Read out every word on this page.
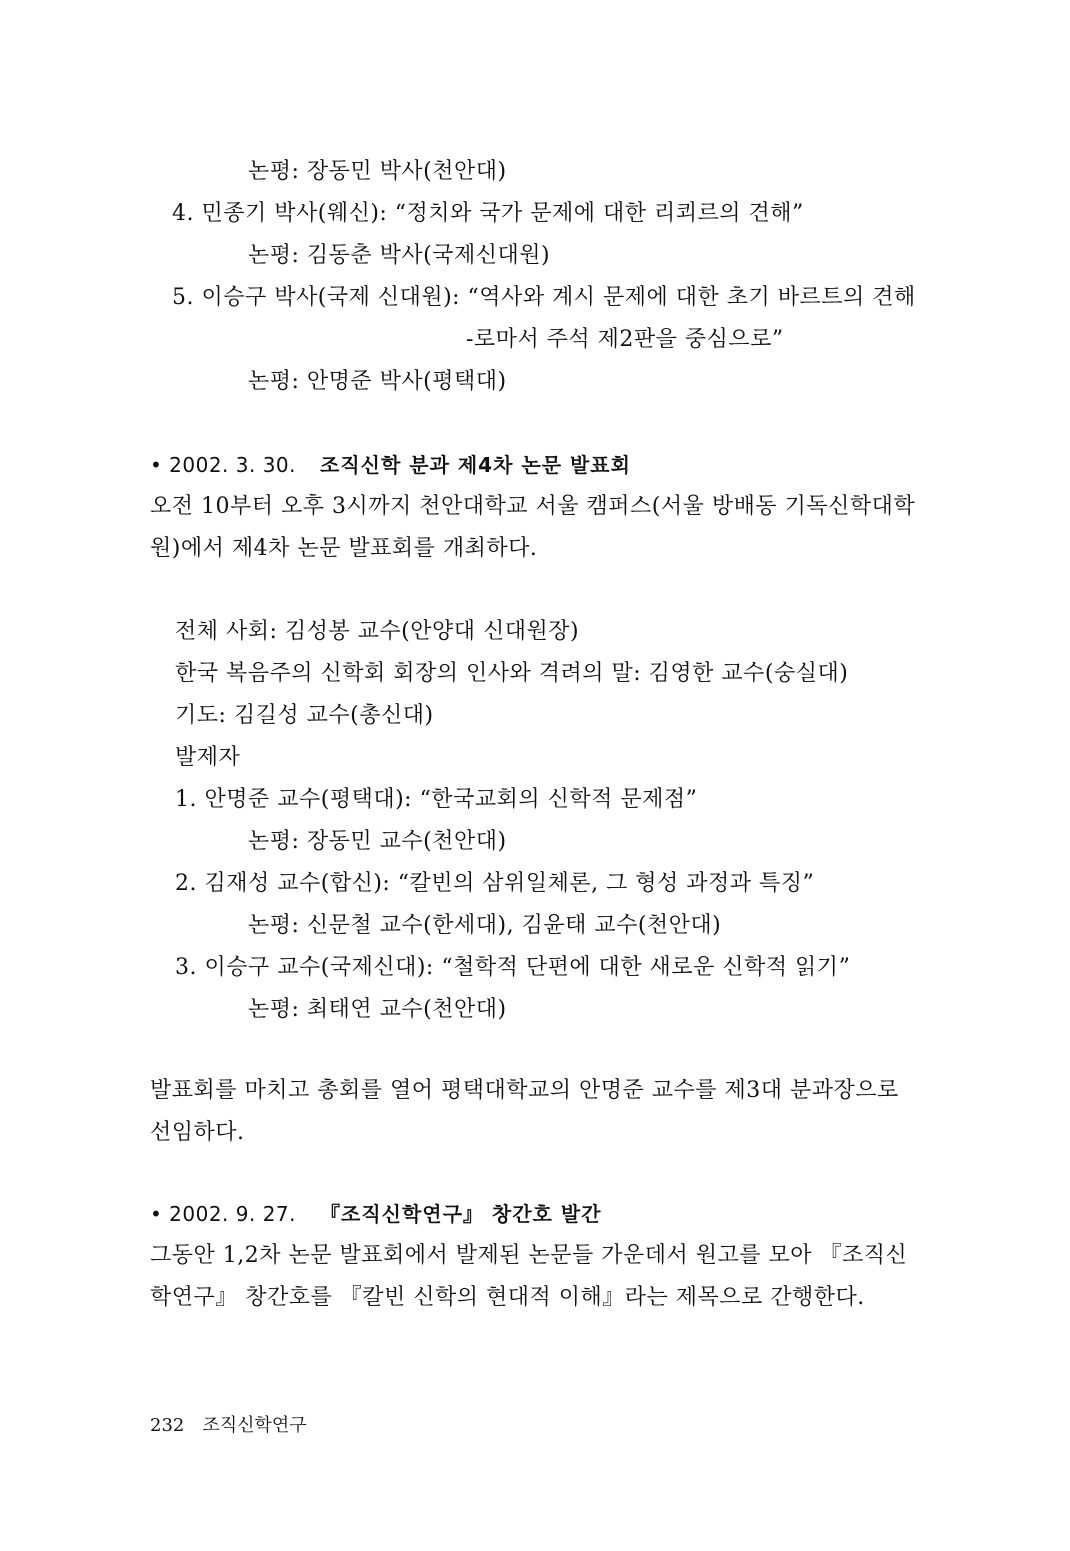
논평: 장동민 박사(천안대)
4. 민종기 박사(웨신): “정치와 국가 문제에 대한 리쾨르의 견해”
논평: 김동춘 박사(국제신대원)
5. 이승구 박사(국제 신대원): “역사와 계시 문제에 대한 초기 바르트의 견해
-로마서 주석 제2판을 중심으로”
논평: 안명준 박사(평택대)
• 2002. 3. 30. 조직신학 분과 제4차 논문 발표회
오전 10부터 오후 3시까지 천안대학교 서울 캠퍼스(서울 방배동 기독신학대학
원)에서 제4차 논문 발표회를 개최하다.
전체 사회: 김성봉 교수(안양대 신대원장)
한국 복음주의 신학회 회장의 인사와 격려의 말: 김영한 교수(숭실대)
기도: 김길성 교수(총신대)
발제자
1. 안명준 교수(평택대): “한국교회의 신학적 문제점”
논평: 장동민 교수(천안대)
2. 김재성 교수(합신): “칼빈의 삼위일체론, 그 형성 과정과 특징”
논평: 신문철 교수(한세대), 김윤태 교수(천안대)
3. 이승구 교수(국제신대): “철학적 단편에 대한 새로운 신학적 읽기”
논평: 최태연 교수(천안대)
발표회를 마치고 총회를 열어 평택대학교의 안명준 교수를 제3대 분과장으로
선임하다.
• 2002. 9. 27. 『조직신학연구』 창간호 발간
그동안 1,2차 논문 발표회에서 발제된 논문들 가운데서 원고를 모아 『조직신
학연구』 창간호를 『칼빈 신학의 현대적 이해』라는 제목으로 간행한다.
232 조직신학연구
